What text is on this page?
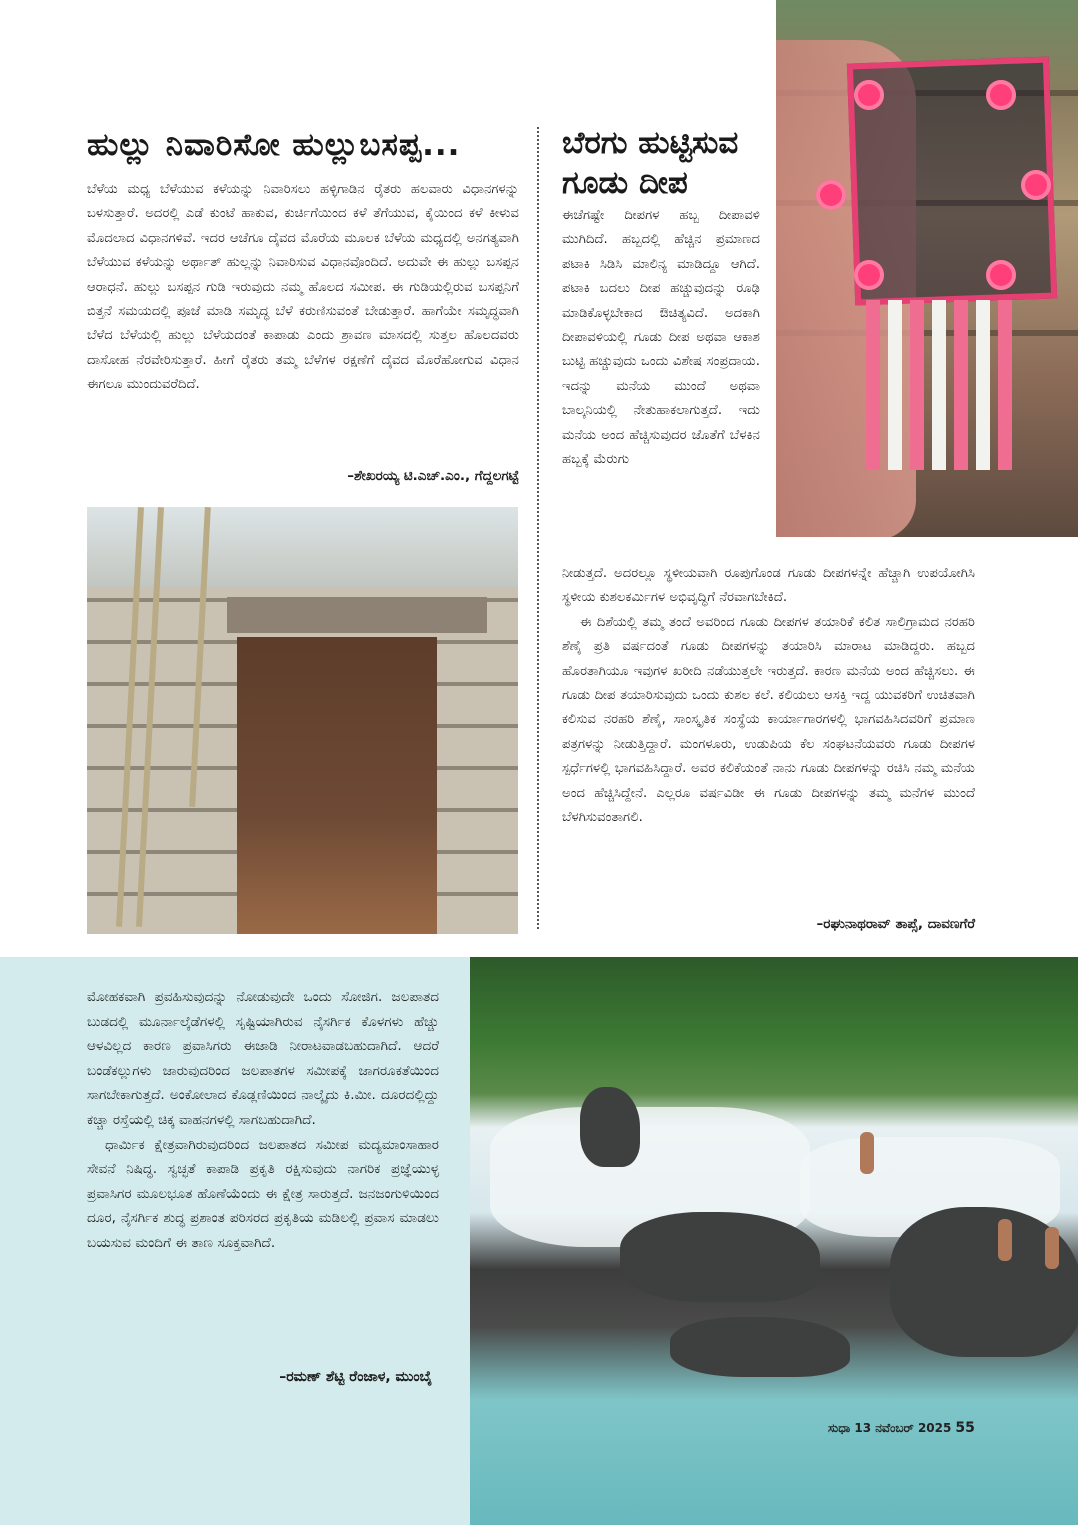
ಹುಲ್ಲು ನಿವಾರಿಸೋ ಹುಲ್ಲುಬಸಪ್ಪ...
ಬೆಳೆಯ ಮಧ್ಯ ಬೆಳೆಯುವ ಕಳೆಯನ್ನು ನಿವಾರಿಸಲು ಹಳ್ಳಿಗಾಡಿನ ರೈತರು ಹಲವಾರು ವಿಧಾನಗಳನ್ನು ಬಳಸುತ್ತಾರೆ. ಅದರಲ್ಲಿ ಎಡೆ ಕುಂಟೆ ಹಾಕುವ, ಕುರ್ಚಿಗೆಯಿಂದ ಕಳೆ ತೆಗೆಯುವ, ಕೈಯಿಂದ ಕಳೆ ಕೀಳುವ ಮೊದಲಾದ ವಿಧಾನಗಳಿವೆ. ಇದರ ಆಚೆಗೂ ದೈವದ ಮೊರೆಯ ಮೂಲಕ ಬೆಳೆಯ ಮಧ್ಯದಲ್ಲಿ ಅನಗತ್ಯವಾಗಿ ಬೆಳೆಯುವ ಕಳೆಯನ್ನು ಅರ್ಥಾತ್ ಹುಲ್ಲನ್ನು ನಿವಾರಿಸುವ ವಿಧಾನವೊಂದಿದೆ. ಅದುವೇ ಈ ಹುಲ್ಲು ಬಸಪ್ಪನ ಆರಾಧನೆ. ಹುಲ್ಲು ಬಸಪ್ಪನ ಗುಡಿ ಇರುವುದು ನಮ್ಮ ಹೊಲದ ಸಮೀಪ. ಈ ಗುಡಿಯಲ್ಲಿರುವ ಬಸಪ್ಪನಿಗೆ ಬಿತ್ತನೆ ಸಮಯದಲ್ಲಿ ಪೂಜೆ ಮಾಡಿ ಸಮೃದ್ಧ ಬೆಳೆ ಕರುಣಿಸುವಂತೆ ಬೇಡುತ್ತಾರೆ. ಹಾಗೆಯೇ ಸಮೃದ್ಧವಾಗಿ ಬೆಳೆದ ಬೆಳೆಯಲ್ಲಿ ಹುಲ್ಲು ಬೆಳೆಯದಂತೆ ಕಾಪಾಡು ಎಂದು ಶ್ರಾವಣ ಮಾಸದಲ್ಲಿ ಸುತ್ತಲ ಹೊಲದವರು ದಾಸೋಹ ನೆರವೇರಿಸುತ್ತಾರೆ. ಹೀಗೆ ರೈತರು ತಮ್ಮ ಬೆಳೆಗಳ ರಕ್ಷಣೆಗೆ ದೈವದ ಮೊರೆಹೋಗುವ ವಿಧಾನ ಈಗಲೂ ಮುಂದುವರೆದಿದೆ.
–ಶೇಖರಯ್ಯ ಟಿ.ಎಚ್.ಎಂ., ಗೆದ್ದಲಗಟ್ಟೆ
ಬೆರಗು ಹುಟ್ಟಿಸುವ ಗೂಡು ದೀಪ
ಈಚೆಗಷ್ಟೇ ದೀಪಗಳ ಹಬ್ಬ ದೀಪಾವಳಿ ಮುಗಿದಿದೆ. ಹಬ್ಬದಲ್ಲಿ ಹೆಚ್ಚಿನ ಪ್ರಮಾಣದ ಪಟಾಕಿ ಸಿಡಿಸಿ ಮಾಲಿನ್ಯ ಮಾಡಿದ್ದೂ ಆಗಿದೆ. ಪಟಾಕಿ ಬದಲು ದೀಪ ಹಚ್ಚುವುದನ್ನು ರೂಢಿ ಮಾಡಿಕೊಳ್ಳಬೇಕಾದ ಔಚಿತ್ಯವಿದೆ. ಅದಕಾಗಿ ದೀಪಾವಳಿಯಲ್ಲಿ ಗೂಡು ದೀಪ ಅಥವಾ ಆಕಾಶ ಬುಟ್ಟಿ ಹಚ್ಚುವುದು ಒಂದು ವಿಶೇಷ ಸಂಪ್ರದಾಯ. ಇದನ್ನು ಮನೆಯ ಮುಂದೆ ಅಥವಾ ಬಾಲ್ಕನಿಯಲ್ಲಿ ನೇತುಹಾಕಲಾಗುತ್ತದೆ. ಇದು ಮನೆಯ ಅಂದ ಹೆಚ್ಚಿಸುವುದರ ಜೊತೆಗೆ ಬೆಳಕಿನ ಹಬ್ಬಕ್ಕೆ ಮೆರುಗು

ನೀಡುತ್ತದೆ. ಅದರಲ್ಲೂ ಸ್ಥಳೀಯವಾಗಿ ರೂಪುಗೊಂಡ ಗೂಡು ದೀಪಗಳನ್ನೇ ಹೆಚ್ಚಾಗಿ ಉಪಯೋಗಿಸಿ ಸ್ಥಳೀಯ ಕುಶಲಕರ್ಮಿಗಳ ಅಭಿವೃದ್ಧಿಗೆ ನೆರವಾಗಬೇಕಿದೆ.

ಈ ದಿಶೆಯಲ್ಲಿ ತಮ್ಮ ತಂದೆ ಅವರಿಂದ ಗೂಡು ದೀಪಗಳ ತಯಾರಿಕೆ ಕಲಿತ ಸಾಲಿಗ್ರಾಮದ ನರಹರಿ ಶೆಣೈ ಪ್ರತಿ ವರ್ಷದಂತೆ ಗೂಡು ದೀಪಗಳನ್ನು ತಯಾರಿಸಿ ಮಾರಾಟ ಮಾಡಿದ್ದರು. ಹಬ್ಬದ ಹೊರತಾಗಿಯೂ ಇವುಗಳ ಖರೀದಿ ನಡೆಯುತ್ತಲೇ ಇರುತ್ತದೆ. ಕಾರಣ ಮನೆಯ ಅಂದ ಹೆಚ್ಚಿಸಲು. ಈ ಗೂಡು ದೀಪ ತಯಾರಿಸುವುದು ಒಂದು ಕುಶಲ ಕಲೆ. ಕಲಿಯಲು ಆಸಕ್ತಿ ಇದ್ದ ಯುವಕರಿಗೆ ಉಚಿತವಾಗಿ ಕಲಿಸುವ ನರಹರಿ ಶೆಣೈ, ಸಾಂಸ್ಕೃತಿಕ ಸಂಸ್ಥೆಯ ಕಾರ್ಯಾಗಾರಗಳಲ್ಲಿ ಭಾಗವಹಿಸಿದವರಿಗೆ ಪ್ರಮಾಣ ಪತ್ರಗಳನ್ನು ನೀಡುತ್ತಿದ್ದಾರೆ. ಮಂಗಳೂರು, ಉಡುಪಿಯ ಕೆಲ ಸಂಘಟನೆಯವರು ಗೂಡು ದೀಪಗಳ ಸ್ಪರ್ಧೆಗಳಲ್ಲಿ ಭಾಗವಹಿಸಿದ್ದಾರೆ. ಅವರ ಕಲಿಕೆಯಂತೆ ನಾನು ಗೂಡು ದೀಪಗಳನ್ನು ರಚಿಸಿ ನಮ್ಮ ಮನೆಯ ಅಂದ ಹೆಚ್ಚಿಸಿದ್ದೇನೆ. ಎಲ್ಲರೂ ವರ್ಷವಿಡೀ ಈ ಗೂಡು ದೀಪಗಳನ್ನು ತಮ್ಮ ಮನೆಗಳ ಮುಂದೆ ಬೆಳಗಿಸುವಂತಾಗಲಿ.

–ರಘುನಾಥರಾವ್ ತಾಪ್ಸೆ, ದಾವಣಗೆರೆ

ಮೋಹಕವಾಗಿ ಪ್ರವಹಿಸುವುದನ್ನು ನೋಡುವುದೇ ಒಂದು ಸೋಜಿಗ. ಜಲಪಾತದ ಬುಡದಲ್ಲಿ ಮೂರ್ನಾಲ್ಕೆಡೆಗಳಲ್ಲಿ ಸೃಷ್ಟಿಯಾಗಿರುವ ನೈಸರ್ಗಿಕ ಕೊಳಗಳು ಹೆಚ್ಚು ಆಳವಿಲ್ಲದ ಕಾರಣ ಪ್ರವಾಸಿಗರು ಈಜಾಡಿ ನೀರಾಟವಾಡಬಹುದಾಗಿದೆ. ಆದರೆ ಬಂಡೆಕಲ್ಲುಗಳು ಜಾರುವುದರಿಂದ ಜಲಪಾತಗಳ ಸಮೀಪಕ್ಕೆ ಜಾಗರೂಕತೆಯಿಂದ ಸಾಗಬೇಕಾಗುತ್ತದೆ. ಅಂಕೋಲಾದ ಕೊಡ್ಲಣಿಯಿಂದ ನಾಲ್ಕೈದು ಕಿ.ಮೀ. ದೂರದಲ್ಲಿದ್ದು ಕಚ್ಚಾ ರಸ್ತೆಯಲ್ಲಿ ಚಿಕ್ಕ ವಾಹನಗಳಲ್ಲಿ ಸಾಗಬಹುದಾಗಿದೆ.

ಧಾರ್ಮಿಕ ಕ್ಷೇತ್ರವಾಗಿರುವುದರಿಂದ ಜಲಪಾತದ ಸಮೀಪ ಮದ್ಯಮಾಂಸಾಹಾರ ಸೇವನೆ ನಿಷಿದ್ಧ. ಸ್ವಚ್ಛತೆ ಕಾಪಾಡಿ ಪ್ರಕೃತಿ ರಕ್ಷಿಸುವುದು ನಾಗರಿಕ ಪ್ರಜ್ಞೆಯುಳ್ಳ ಪ್ರವಾಸಿಗರ ಮೂಲಭೂತ ಹೊಣೆಯೆಂದು ಈ ಕ್ಷೇತ್ರ ಸಾರುತ್ತದೆ. ಜನಜಂಗುಳಿಯಿಂದ ದೂರ, ನೈಸರ್ಗಿಕ ಶುದ್ಧ ಪ್ರಶಾಂತ ಪರಿಸರದ ಪ್ರಕೃತಿಯ ಮಡಿಲಲ್ಲಿ ಪ್ರವಾಸ ಮಾಡಲು ಬಯಸುವ ಮಂದಿಗೆ ಈ ತಾಣ ಸೂಕ್ತವಾಗಿದೆ.

–ರಮಣ್ ಶೆಟ್ಟಿ ರೆಂಜಾಳ, ಮುಂಬೈ
ಸುಧಾ 13 ನವೆಂಬರ್ 2025 55
